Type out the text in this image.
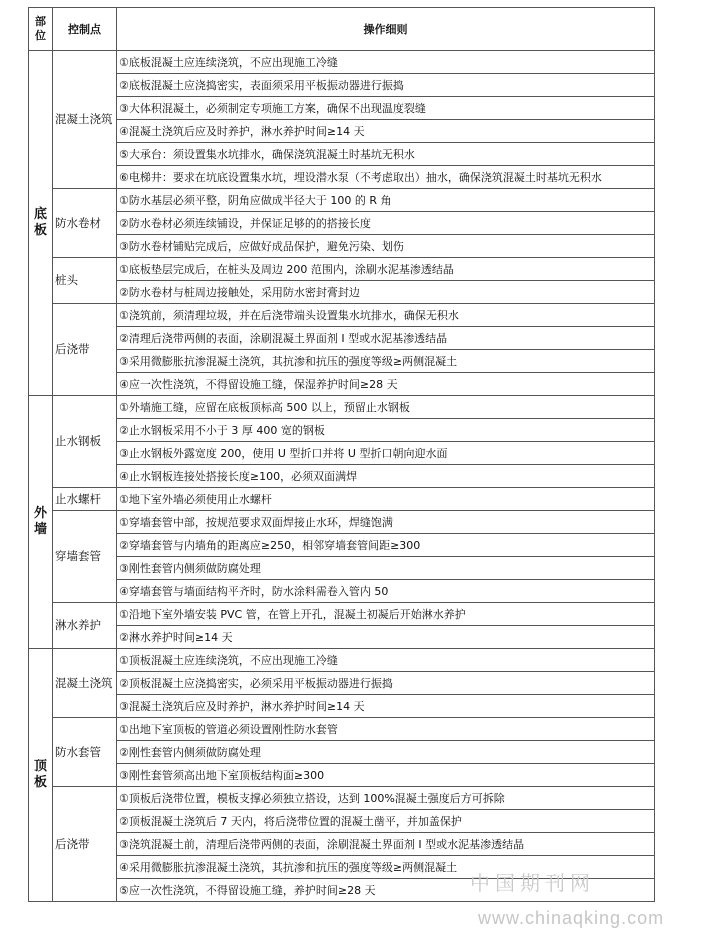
部位	控制点	操作细则
底板	混凝土浇筑	①底板混凝土应连续浇筑，不应出现施工冷缝
		②底板混凝土应浇捣密实，表面须采用平板振动器进行振捣
		③大体积混凝土，必须制定专项施工方案，确保不出现温度裂缝
		④混凝土浇筑后应及时养护，淋水养护时间≥14 天
		⑤大承台：须设置集水坑排水，确保浇筑混凝土时基坑无积水
		⑥电梯井：要求在坑底设置集水坑，埋设潜水泵（不考虑取出）抽水，确保浇筑混凝土时基坑无积水
	防水卷材	①防水基层必须平整，阴角应做成半径大于 100 的 R 角
		②防水卷材必须连续铺设，并保证足够的的搭接长度
		③防水卷材铺贴完成后，应做好成品保护，避免污染、划伤
	桩头	①底板垫层完成后，在桩头及周边 200 范围内，涂刷水泥基渗透结晶
		②防水卷材与桩周边接触处，采用防水密封膏封边
	后浇带	①浇筑前，须清理垃圾，并在后浇带端头设置集水坑排水，确保无积水
		②清理后浇带两侧的表面，涂刷混凝土界面剂 I 型或水泥基渗透结晶
		③采用微膨胀抗渗混凝土浇筑，其抗渗和抗压的强度等级≥两侧混凝土
		④应一次性浇筑，不得留设施工缝，保湿养护时间≥28 天
外墙	止水钢板	①外墙施工缝，应留在底板顶标高 500 以上，预留止水钢板
		②止水钢板采用不小于 3 厚 400 宽的钢板
		③止水钢板外露宽度 200，使用 U 型折口并将 U 型折口朝向迎水面
		④止水钢板连接处搭接长度≥100，必须双面满焊
	止水螺杆	①地下室外墙必须使用止水螺杆
	穿墙套管	①穿墙套管中部，按规范要求双面焊接止水环，焊缝饱满
		②穿墙套管与内墙角的距离应≥250，相邻穿墙套管间距≥300
		③刚性套管内侧须做防腐处理
		④穿墙套管与墙面结构平齐时，防水涂料需卷入管内 50
	淋水养护	①沿地下室外墙安装 PVC 管，在管上开孔，混凝土初凝后开始淋水养护
		②淋水养护时间≥14 天
顶板	混凝土浇筑	①顶板混凝土应连续浇筑，不应出现施工冷缝
		②顶板混凝土应浇捣密实，必须采用平板振动器进行振捣
		③混凝土浇筑后应及时养护，淋水养护时间≥14 天
	防水套管	①出地下室顶板的管道必须设置刚性防水套管
		②刚性套管内侧须做防腐处理
		③刚性套管须高出地下室顶板结构面≥300
	后浇带	①顶板后浇带位置，模板支撑必须独立搭设，达到 100%混凝土强度后方可拆除
		②顶板混凝土浇筑后 7 天内，将后浇带位置的混凝土凿平，并加盖保护
		③浇筑混凝土前，清理后浇带两侧的表面，涂刷混凝土界面剂 I 型或水泥基渗透结晶
		④采用微膨胀抗渗混凝土浇筑，其抗渗和抗压的强度等级≥两侧混凝土
		⑤应一次性浇筑，不得留设施工缝，养护时间≥28 天	中国期刊网
www.chinaqking.com
